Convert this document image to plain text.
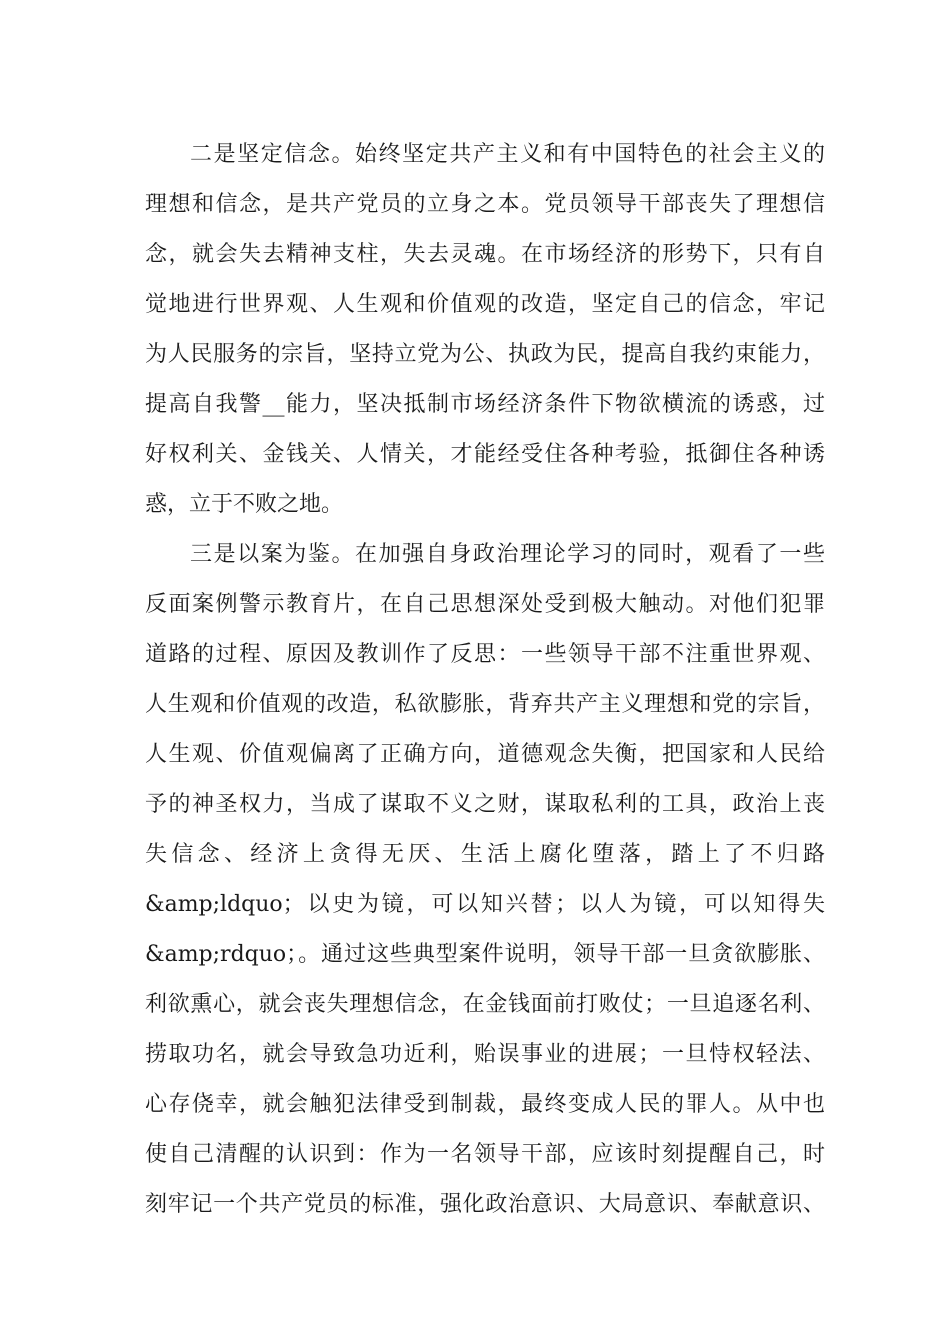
二是坚定信念。始终坚定共产主义和有中国特色的社会主义的
理想和信念，是共产党员的立身之本。党员领导干部丧失了理想信
念，就会失去精神支柱，失去灵魂。在市场经济的形势下，只有自
觉地进行世界观、人生观和价值观的改造，坚定自己的信念，牢记
为人民服务的宗旨，坚持立党为公、执政为民，提高自我约束能力，
提高自我警__能力，坚决抵制市场经济条件下物欲横流的诱惑，过
好权利关、金钱关、人情关，才能经受住各种考验，抵御住各种诱
惑，立于不败之地。
三是以案为鉴。在加强自身政治理论学习的同时，观看了一些
反面案例警示教育片，在自己思想深处受到极大触动。对他们犯罪
道路的过程、原因及教训作了反思：一些领导干部不注重世界观、
人生观和价值观的改造，私欲膨胀，背弃共产主义理想和党的宗旨，
人生观、价值观偏离了正确方向，道德观念失衡，把国家和人民给
予的神圣权力，当成了谋取不义之财，谋取私利的工具，政治上丧
失信念、经济上贪得无厌、生活上腐化堕落，踏上了不归路
&amp;ldquo；以史为镜，可以知兴替；以人为镜，可以知得失
&amp;rdquo；。通过这些典型案件说明，领导干部一旦贪欲膨胀、
利欲熏心，就会丧失理想信念，在金钱面前打败仗；一旦追逐名利、
捞取功名，就会导致急功近利，贻误事业的进展；一旦恃权轻法、
心存侥幸，就会触犯法律受到制裁，最终变成人民的罪人。从中也
使自己清醒的认识到：作为一名领导干部，应该时刻提醒自己，时
刻牢记一个共产党员的标准，强化政治意识、大局意识、奉献意识、
